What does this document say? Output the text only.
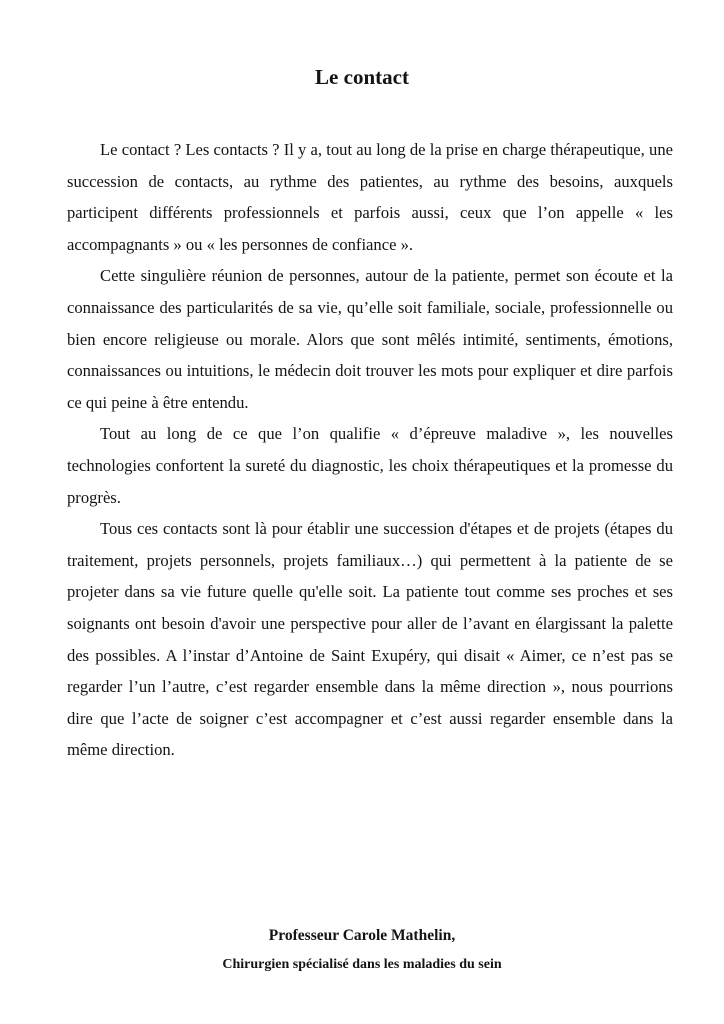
Le contact

Le contact ? Les contacts ? Il y a, tout au long de la prise en charge thérapeutique, une succession de contacts, au rythme des patientes, au rythme des besoins, auxquels participent différents professionnels et parfois aussi, ceux que l’on appelle « les accompagnants » ou « les personnes de confiance ».

Cette singulière réunion de personnes, autour de la patiente, permet son écoute et la connaissance des particularités de sa vie, qu’elle soit familiale, sociale, professionnelle ou bien encore religieuse ou morale. Alors que sont mêlés intimité, sentiments, émotions, connaissances ou intuitions, le médecin doit trouver les mots pour expliquer et dire parfois ce qui peine à être entendu.

Tout au long de ce que l’on qualifie « d’épreuve maladive », les nouvelles technologies confortent la sureté du diagnostic, les choix thérapeutiques et la promesse du progrès.

Tous ces contacts sont là pour établir une succession d'étapes et de projets (étapes du traitement, projets personnels, projets familiaux…) qui permettent à la patiente de se projeter dans sa vie future quelle qu'elle soit. La patiente tout comme ses proches et ses soignants ont besoin d'avoir une perspective pour aller de l’avant en élargissant la palette des possibles. A l’instar d’Antoine de Saint Exupéry, qui disait « Aimer, ce n’est pas se regarder l’un l’autre, c’est regarder ensemble dans la même direction », nous pourrions dire que l’acte de soigner c’est accompagner et c’est aussi regarder ensemble dans la même direction.

Professeur Carole Mathelin,

Chirurgien spécialisé dans les maladies du sein
